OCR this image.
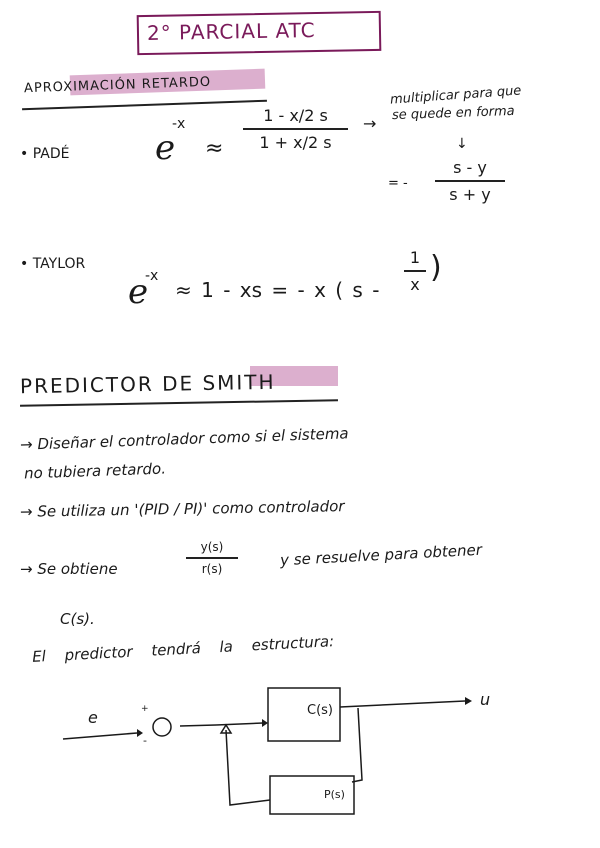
2° PARCIAL ATC
APROXIMACIÓN RETARDO
• PADÉ	e
-x
≈
1 - x/2 s
1 + x/2 s
→
multiplicar para que
se quede en forma
↓
= -
s - y
s + y
• TAYLOR
e
-x
≈ 1 - xs = - x ( s -
1
x )
PREDICTOR DE SMITH
→ Diseñar el controlador como si el sistema
no tubiera retardo.
→ Se utiliza un '(PID / PI)' como controlador
→ Se obtiene
y(s)
r(s)	y se resuelve para obtener
C(s).
El predictor tendrá la estructura:
e	+
-
C(s)
P(s)
u
